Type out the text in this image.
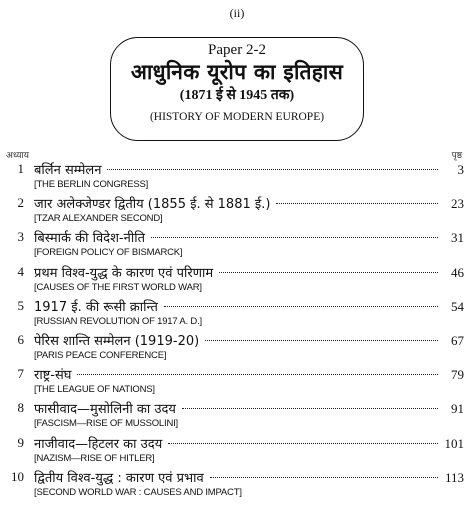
(ii)
Paper 2-2
आधुनिक यूरोप का इतिहास
(1871 ई से 1945 तक)
(HISTORY OF MODERN EUROPE)
अध्याय	पृष्ठ
1 बर्लिन सम्मेलन	3
[THE BERLIN CONGRESS]
2 जार अलेक्जेण्डर द्वितीय (1855 ई. से 1881 ई.)	23
[TZAR ALEXANDER SECOND]
3 बिस्मार्क की विदेश-नीति	31
[FOREIGN POLICY OF BISMARCK]
4 प्रथम विश्व-युद्ध के कारण एवं परिणाम	46
[CAUSES OF THE FIRST WORLD WAR]
5 1917 ई. की रूसी क्रान्ति	54
[RUSSIAN REVOLUTION OF 1917 A. D.]
6 पेरिस शान्ति सम्मेलन (1919-20)	67
[PARIS PEACE CONFERENCE]
7 राष्ट्र-संघ	79
[THE LEAGUE OF NATIONS]
8 फासीवाद—मुसोलिनी का उदय	91
[FASCISM—RISE OF MUSSOLINI]
9 नाजीवाद—हिटलर का उदय	101
[NAZISM—RISE OF HITLER]
10 द्वितीय विश्व-युद्ध : कारण एवं प्रभाव	113
[SECOND WORLD WAR : CAUSES AND IMPACT]
